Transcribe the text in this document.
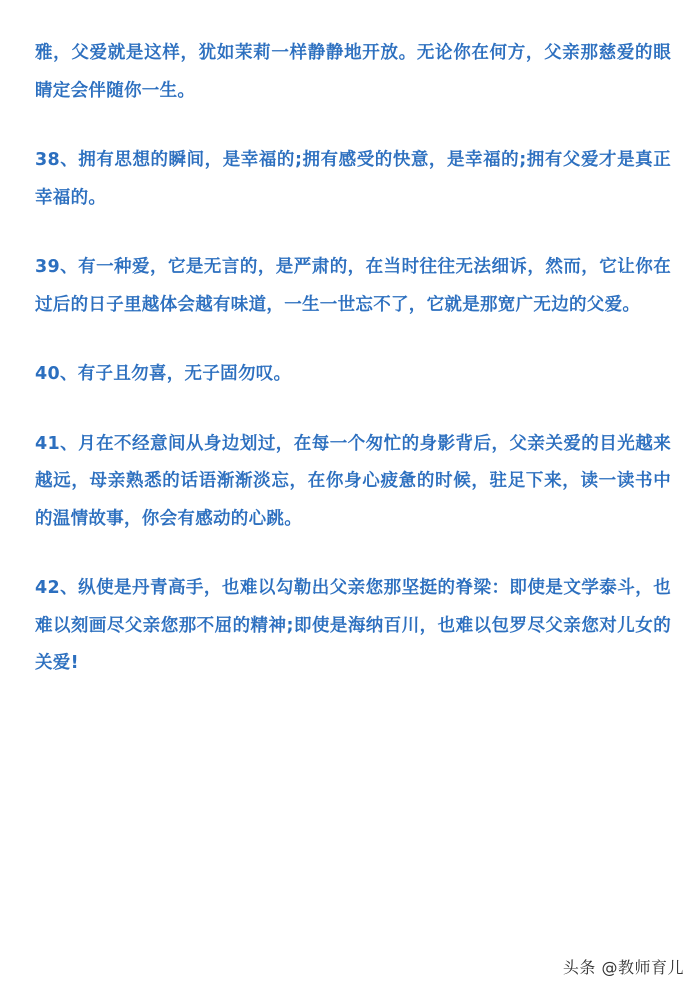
雅，父爱就是这样，犹如茉莉一样静静地开放。无论你在何方，父亲那慈爱的眼睛定会伴随你一生。

38、拥有思想的瞬间，是幸福的;拥有感受的快意，是幸福的;拥有父爱才是真正幸福的。

39、有一种爱，它是无言的，是严肃的，在当时往往无法细诉，然而，它让你在过后的日子里越体会越有味道，一生一世忘不了，它就是那宽广无边的父爱。

40、有子且勿喜，无子固勿叹。

41、月在不经意间从身边划过，在每一个匆忙的身影背后，父亲关爱的目光越来越远，母亲熟悉的话语渐渐淡忘，在你身心疲惫的时候，驻足下来，读一读书中的温情故事，你会有感动的心跳。

42、纵使是丹青高手，也难以勾勒出父亲您那坚挺的脊梁：即使是文学泰斗，也难以刻画尽父亲您那不屈的精神;即使是海纳百川，也难以包罗尽父亲您对儿女的关爱!

头条 @教师育儿
